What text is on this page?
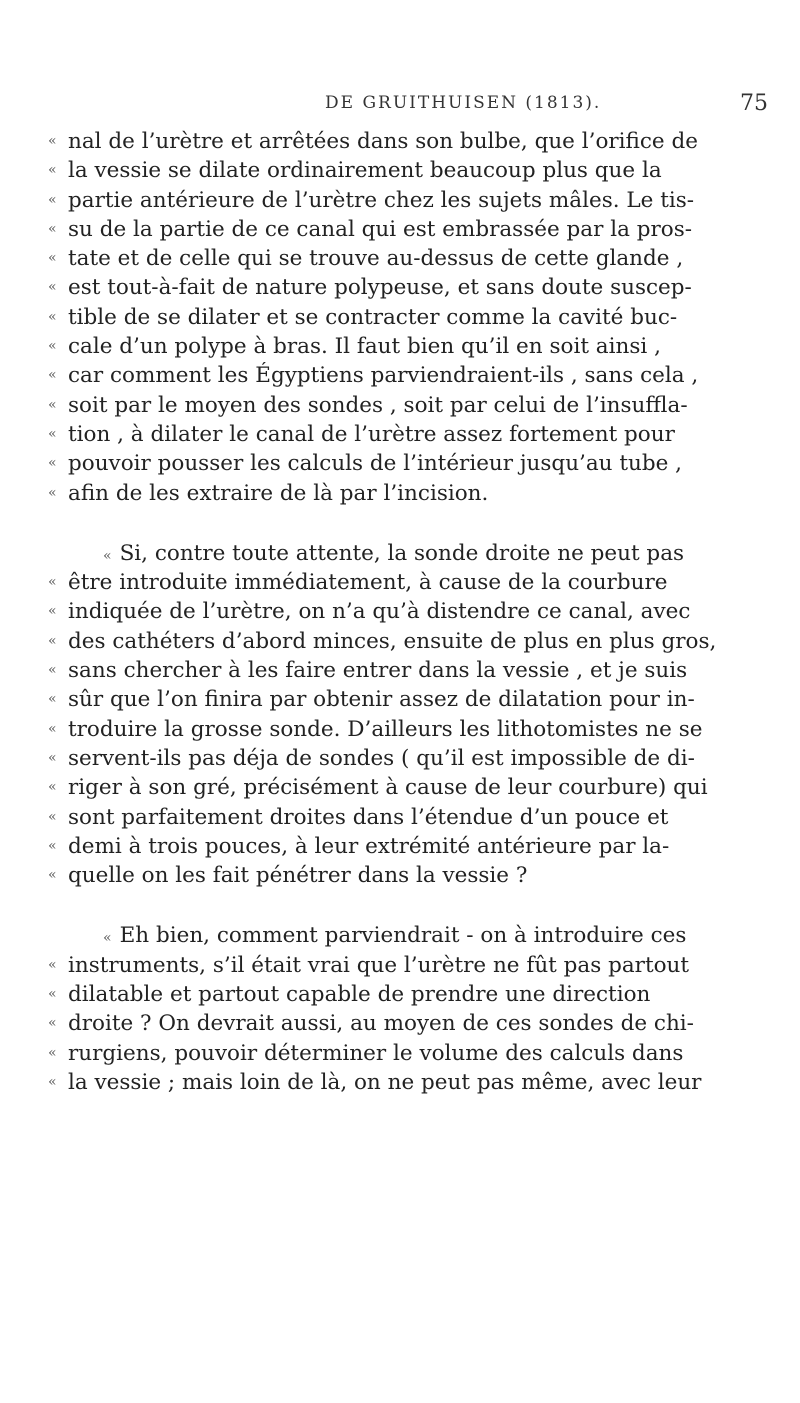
DE GRUITHUISEN (1813).	75
« nal de l’urètre et arrêtées dans son bulbe, que l’orifice de
« la vessie se dilate ordinairement beaucoup plus que la
« partie antérieure de l’urètre chez les sujets mâles. Le tis-
« su de la partie de ce canal qui est embrassée par la pros-
« tate et de celle qui se trouve au-dessus de cette glande ,
« est tout-à-fait de nature polypeuse, et sans doute suscep-
« tible de se dilater et se contracter comme la cavité buc-
« cale d’un polype à bras. Il faut bien qu’il en soit ainsi ,
« car comment les Égyptiens parviendraient-ils , sans cela ,
« soit par le moyen des sondes , soit par celui de l’insuffla-
« tion , à dilater le canal de l’urètre assez fortement pour
« pouvoir pousser les calculs de l’intérieur jusqu’au tube ,
« afin de les extraire de là par l’incision.
« Si, contre toute attente, la sonde droite ne peut pas
« être introduite immédiatement, à cause de la courbure
« indiquée de l’urètre, on n’a qu’à distendre ce canal, avec
« des cathéters d’abord minces, ensuite de plus en plus gros,
« sans chercher à les faire entrer dans la vessie , et je suis
« sûr que l’on finira par obtenir assez de dilatation pour in-
« troduire la grosse sonde. D’ailleurs les lithotomistes ne se
« servent-ils pas déja de sondes ( qu’il est impossible de di-
« riger à son gré, précisément à cause de leur courbure) qui
« sont parfaitement droites dans l’étendue d’un pouce et
« demi à trois pouces, à leur extrémité antérieure par la-
« quelle on les fait pénétrer dans la vessie ?
« Eh bien, comment parviendrait - on à introduire ces
« instruments, s’il était vrai que l’urètre ne fût pas partout
« dilatable et partout capable de prendre une direction
« droite ? On devrait aussi, au moyen de ces sondes de chi-
« rurgiens, pouvoir déterminer le volume des calculs dans
« la vessie ; mais loin de là, on ne peut pas même, avec leur
